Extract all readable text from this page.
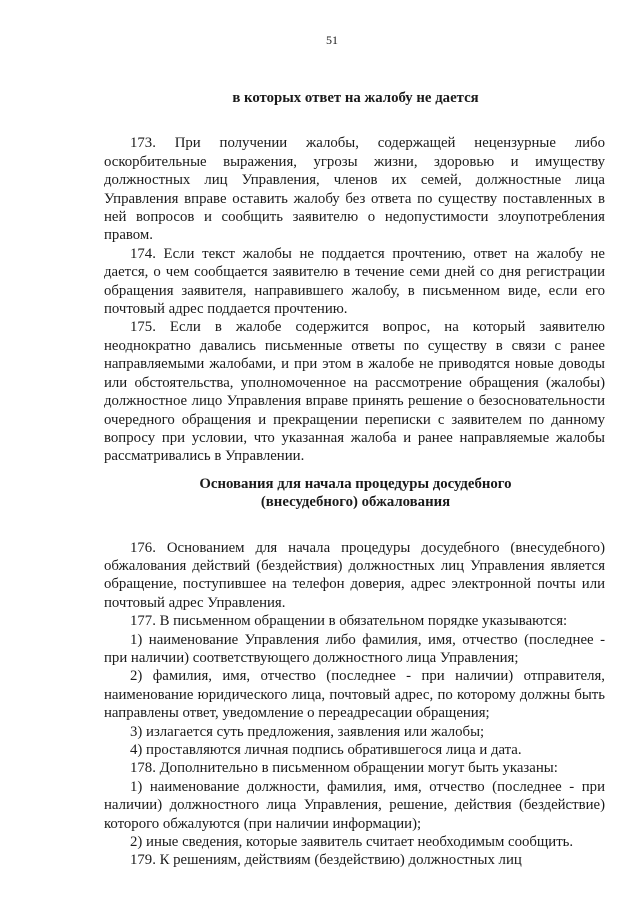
51

в которых ответ на жалобу не дается

173. При получении жалобы, содержащей нецензурные либо оскорбительные выражения, угрозы жизни, здоровью и имуществу должностных лиц Управления, членов их семей, должностные лица Управления вправе оставить жалобу без ответа по существу поставленных в ней вопросов и сообщить заявителю о недопустимости злоупотребления правом.

174. Если текст жалобы не поддается прочтению, ответ на жалобу не дается, о чем сообщается заявителю в течение семи дней со дня регистрации обращения заявителя, направившего жалобу, в письменном виде, если его почтовый адрес поддается прочтению.

175. Если в жалобе содержится вопрос, на который заявителю неоднократно давались письменные ответы по существу в связи с ранее направляемыми жалобами, и при этом в жалобе не приводятся новые доводы или обстоятельства, уполномоченное на рассмотрение обращения (жалобы) должностное лицо Управления вправе принять решение о безосновательности очередного обращения и прекращении переписки с заявителем по данному вопросу при условии, что указанная жалоба и ранее направляемые жалобы рассматривались в Управлении.

Основания для начала процедуры досудебного
(внесудебного) обжалования

176. Основанием для начала процедуры досудебного (внесудебного) обжалования действий (бездействия) должностных лиц Управления является обращение, поступившее на телефон доверия, адрес электронной почты или почтовый адрес Управления.

177. В письменном обращении в обязательном порядке указываются:

1) наименование Управления либо фамилия, имя, отчество (последнее - при наличии) соответствующего должностного лица Управления;

2) фамилия, имя, отчество (последнее - при наличии) отправителя, наименование юридического лица, почтовый адрес, по которому должны быть направлены ответ, уведомление о переадресации обращения;

3) излагается суть предложения, заявления или жалобы;

4) проставляются личная подпись обратившегося лица и дата.

178. Дополнительно в письменном обращении могут быть указаны:

1) наименование должности, фамилия, имя, отчество (последнее - при наличии) должностного лица Управления, решение, действия (бездействие) которого обжалуются (при наличии информации);

2) иные сведения, которые заявитель считает необходимым сообщить.

179. К решениям, действиям (бездействию) должностных лиц
